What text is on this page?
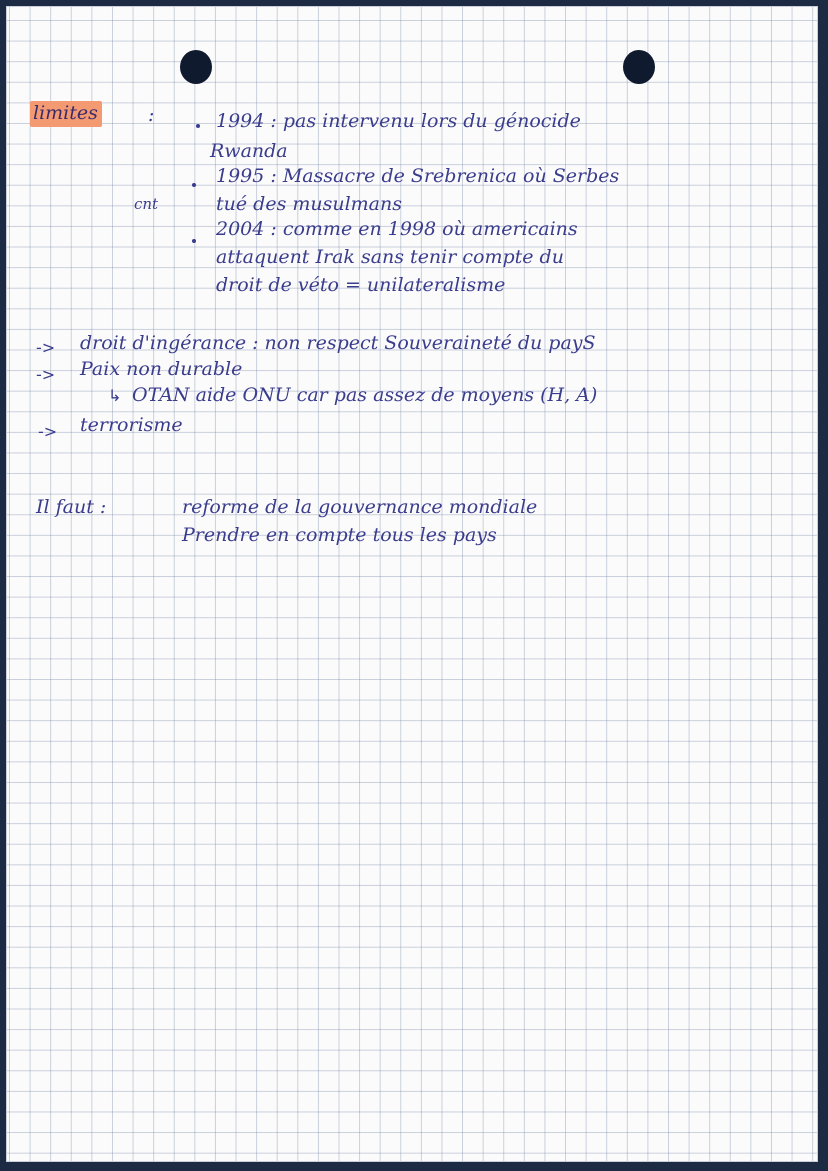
limites	:
cnt
1994 : pas intervenu lors du génocide
Rwanda
1995 : Massacre de Srebrenica où Serbes
tué des musulmans
2004 : comme en 1998 où americains
attaquent Irak sans tenir compte du
droit de véto = unilateralisme
-> droit d'ingérance : non respect Souveraineté du payS
-> Paix non durable
↳ OTAN aide ONU car pas assez de moyens (H, A)
-> terrorisme
Il faut :	reforme de la gouvernance mondiale
Prendre en compte tous les pays
